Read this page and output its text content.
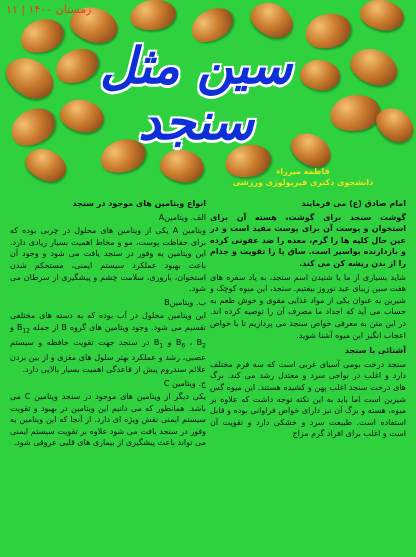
زمستان ۱۴۰۰ | ۱۱
سین مثل سنجد
فاطمه میرزاء
دانشجوی دکتری فیزیولوژی ورزشی

امام صادق (ع) می فرمایند

گوشت سنجد برای گوشت، هسته آن برای استخوان و پوست آن برای پوست مفید است و در عین حال کلیه ها را گرم، معده را ضد عفونی کرده و بازدارنده بواسیر است. ساق پا را تقویت و جذام را از بدن ریشه کن می کند.

شاید بسیاری از ما با شنیدن اسم سنجد، به یاد سفره های هفت سین زیبای عید نوروز بیفتیم. سنجد، این میوه کوچک و شیرین به عنوان یکی از مواد غذایی مقوی و خوش طعم به حساب می آید که اجداد ما مصرف آن را توصیه کرده اند. در این متن به معرفی خواص سنجد می پردازیم تا با خواص اعجاب انگیز این میوه آشنا شوید.

آشنائی با سنجد

سنجد درخت بومی آسیای غربی است که سه فرم مختلف دارد و اغلب در نواحی سرد و معتدل رشد می کند. برگ های درخت سنجد اغلب پهن و کشیده هستند. این میوه گس شیرین است اما باید به این نکته توجه داشت که علاوه بر میوه، هسته و برگ آن نیز دارای خواص فراوانی بوده و قابل استفاده است. طبیعت سرد و خشکی دارد و تقویت آن است و اغلب برای افراد گرم مزاج

انواع ویتامین های موجود در سنجد

الف. ویتامینA

ویتامین A یکی از ویتامین های محلول در چربی بوده که برای حفاظت پوست، مو و مخاط اهمیت بسیار زیادی دارد. این ویتامین به وفور در سنجد یافت می شود و وجود آن باعث بهبود عملکرد سیستم ایمنی، مستحکم شدن استخوان، باروری، سلامت چشم و پیشگیری از سرطان می شود.

ب. ویتامینB

این ویتامین محلول در آب بوده که به دسته های مختلفی تقسیم می شود. وجود ویتامین های گروه B از جمله $B_{12}$ و $B_6$ ، $B_2$ و $B_1$ در سنجد جهت تقویت حافظه و سیستم عصبی، رشد و عملکرد بهتر سلول های مغزی و از بین بردن علائم سندروم پیش از قاعدگی اهمیت بسیار بالایی دارد.

ج. ویتامین C

یکی دیگر از ویتامین های موجود در سنجد ویتامین C می باشد. همانطور که می دانیم این ویتامین در بهبود و تقویت سیستم ایمنی نقش ویژه ای دارد. از آنجا که این ویتامین به وفور در سنجد یافت می شود علاوه بر تقویت سیستم ایمنی می تواند باعث پیشگیری از بیماری های قلبی عروقی شود.
